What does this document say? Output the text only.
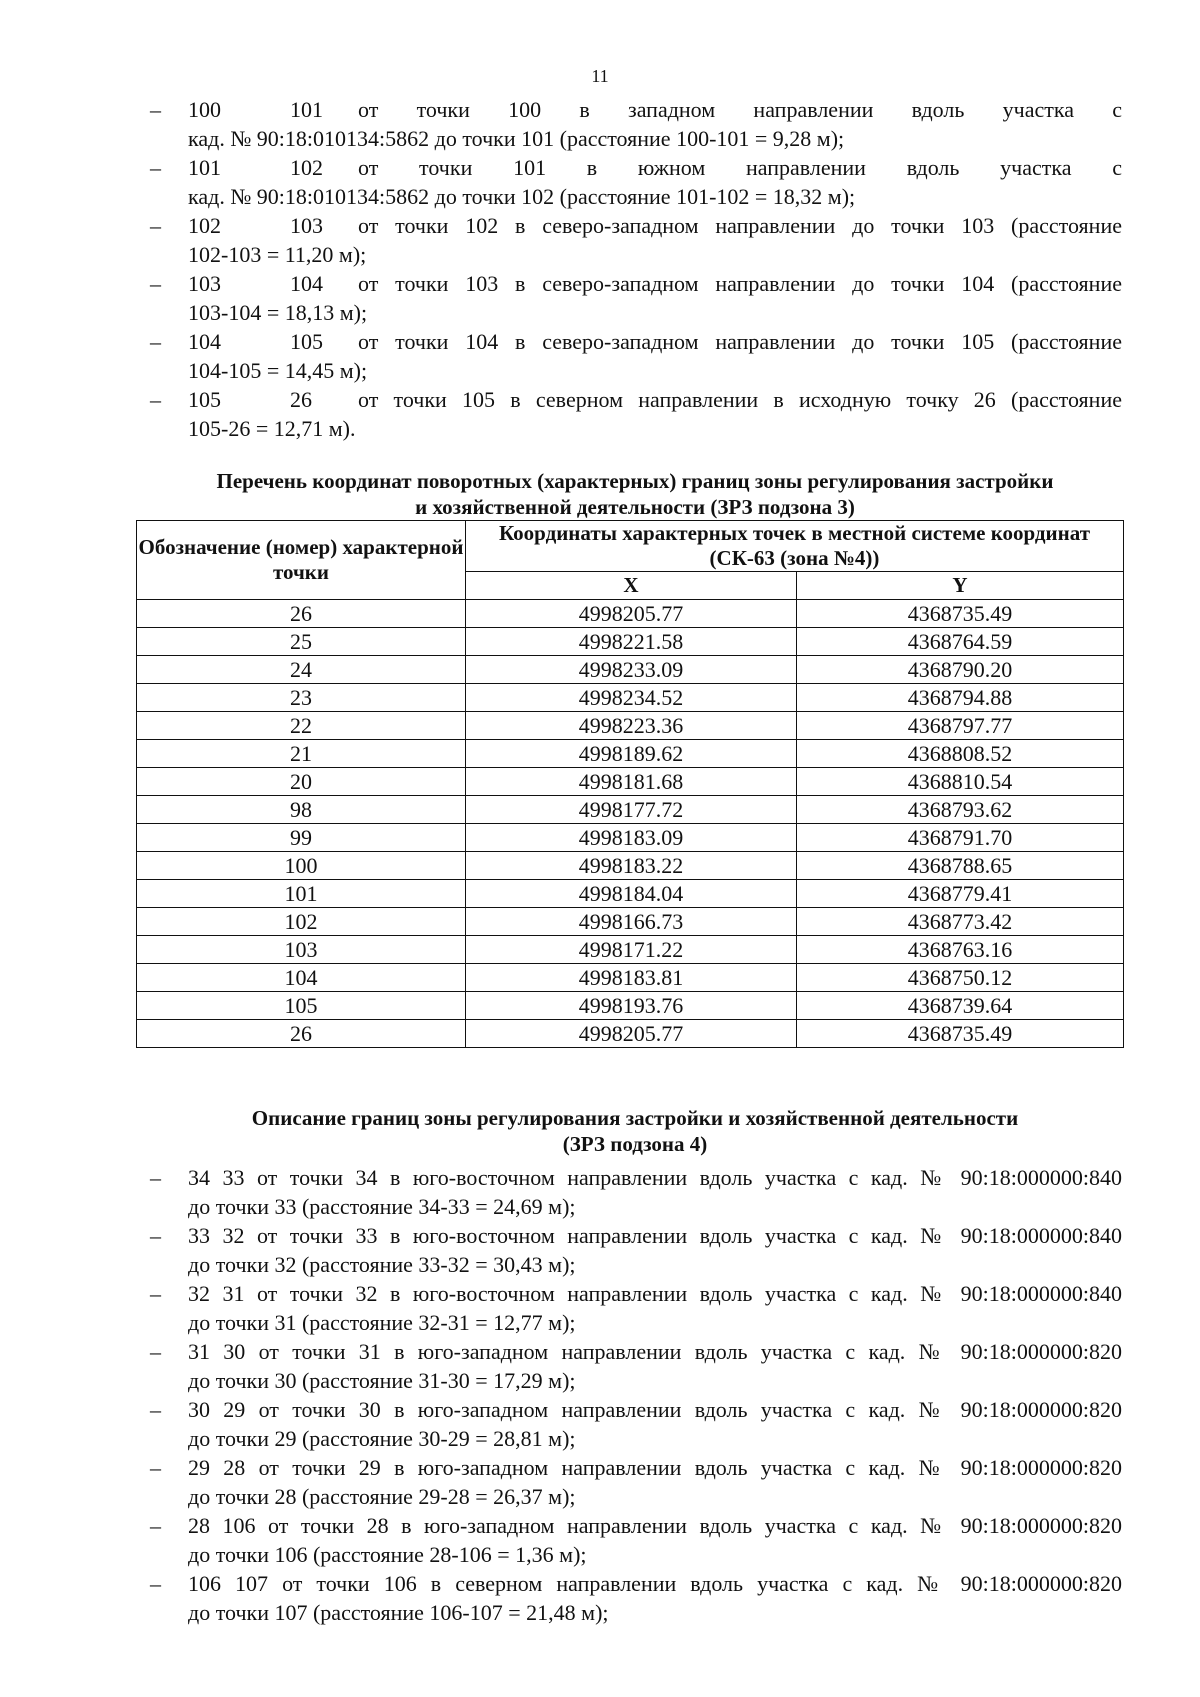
11
–	100	101 от точки 100 в западном направлении вдоль участка с
кад. № 90:18:010134:5862 до точки 101 (расстояние 100-101 = 9,28 м);
–	101	102 от точки 101 в южном направлении вдоль участка с
кад. № 90:18:010134:5862 до точки 102 (расстояние 101-102 = 18,32 м);
–	102	103 от точки 102 в северо-западном направлении до точки 103 (расстояние
102-103 = 11,20 м);
–	103	104 от точки 103 в северо-западном направлении до точки 104 (расстояние
103-104 = 18,13 м);
–	104	105 от точки 104 в северо-западном направлении до точки 105 (расстояние
104-105 = 14,45 м);
–	105	26 от точки 105 в северном направлении в исходную точку 26 (расстояние
105-26 = 12,71 м).
Перечень координат поворотных (характерных) границ зоны регулирования застройки
и хозяйственной деятельности (ЗРЗ подзона 3)
Обозначение (номер) характерной точки	Координаты характерных точек в местной системе координат (СК-63 (зона №4))	
	X	Y
26	4998205.77	4368735.49
25	4998221.58	4368764.59
24	4998233.09	4368790.20
23	4998234.52	4368794.88
22	4998223.36	4368797.77
21	4998189.62	4368808.52
20	4998181.68	4368810.54
98	4998177.72	4368793.62
99	4998183.09	4368791.70
100	4998183.22	4368788.65
101	4998184.04	4368779.41
102	4998166.73	4368773.42
103	4998171.22	4368763.16
104	4998183.81	4368750.12
105	4998193.76	4368739.64
26	4998205.77	4368735.49
Описание границ зоны регулирования застройки и хозяйственной деятельности
(ЗРЗ подзона 4)
–	34 33 от точки 34 в юго-восточном направлении вдоль участка с кад. № 90:18:000000:840
до точки 33 (расстояние 34-33 = 24,69 м);
–	33 32 от точки 33 в юго-восточном направлении вдоль участка с кад. № 90:18:000000:840
до точки 32 (расстояние 33-32 = 30,43 м);
–	32 31 от точки 32 в юго-восточном направлении вдоль участка с кад. № 90:18:000000:840
до точки 31 (расстояние 32-31 = 12,77 м);
–	31 30 от точки 31 в юго-западном направлении вдоль участка с кад. № 90:18:000000:820
до точки 30 (расстояние 31-30 = 17,29 м);
–	30 29 от точки 30 в юго-западном направлении вдоль участка с кад. № 90:18:000000:820
до точки 29 (расстояние 30-29 = 28,81 м);
–	29 28 от точки 29 в юго-западном направлении вдоль участка с кад. № 90:18:000000:820
до точки 28 (расстояние 29-28 = 26,37 м);
–	28 106 от точки 28 в юго-западном направлении вдоль участка с кад. № 90:18:000000:820
до точки 106 (расстояние 28-106 = 1,36 м);
–	106 107 от точки 106 в северном направлении вдоль участка с кад. № 90:18:000000:820
до точки 107 (расстояние 106-107 = 21,48 м);
